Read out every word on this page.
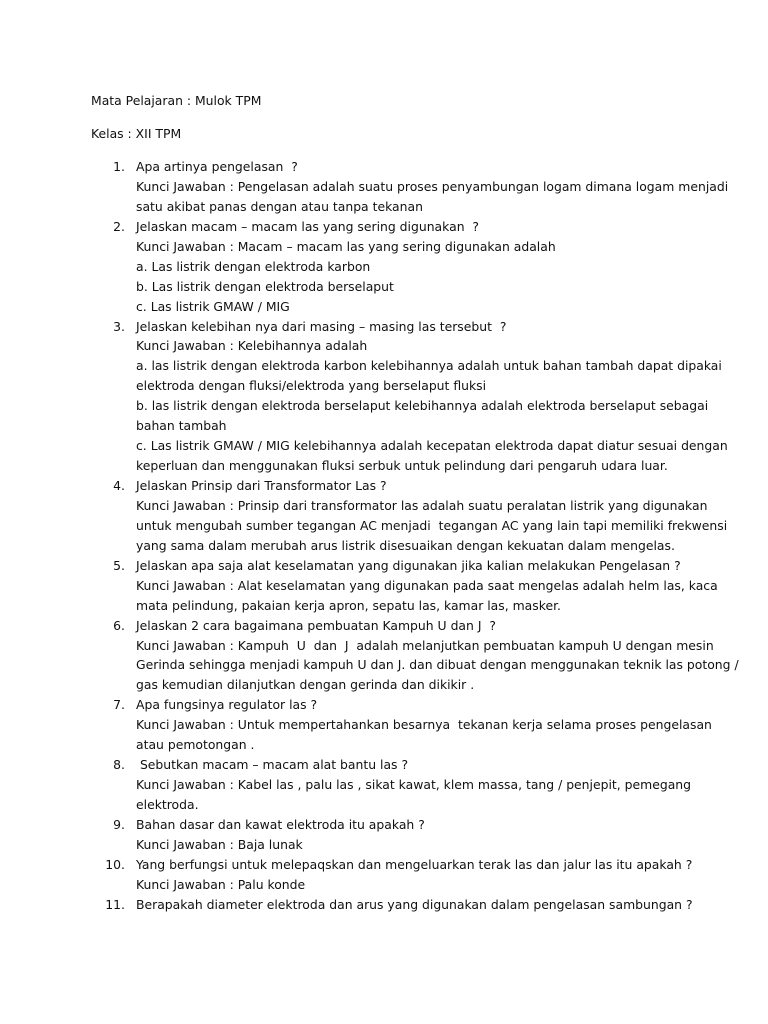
Mata Pelajaran : Mulok TPM
Kelas : XII TPM
1. Apa artinya pengelasan  ?
Kunci Jawaban : Pengelasan adalah suatu proses penyambungan logam dimana logam menjadi
satu akibat panas dengan atau tanpa tekanan
2. Jelaskan macam – macam las yang sering digunakan  ?
Kunci Jawaban : Macam – macam las yang sering digunakan adalah
a. Las listrik dengan elektroda karbon
b. Las listrik dengan elektroda berselaput
c. Las listrik GMAW / MIG
3. Jelaskan kelebihan nya dari masing – masing las tersebut  ?
Kunci Jawaban : Kelebihannya adalah
a. las listrik dengan elektroda karbon kelebihannya adalah untuk bahan tambah dapat dipakai
elektroda dengan fluksi/elektroda yang berselaput fluksi
b. las listrik dengan elektroda berselaput kelebihannya adalah elektroda berselaput sebagai
bahan tambah
c. Las listrik GMAW / MIG kelebihannya adalah kecepatan elektroda dapat diatur sesuai dengan
keperluan dan menggunakan fluksi serbuk untuk pelindung dari pengaruh udara luar.
4. Jelaskan Prinsip dari Transformator Las ?
Kunci Jawaban : Prinsip dari transformator las adalah suatu peralatan listrik yang digunakan
untuk mengubah sumber tegangan AC menjadi  tegangan AC yang lain tapi memiliki frekwensi
yang sama dalam merubah arus listrik disesuaikan dengan kekuatan dalam mengelas.
5. Jelaskan apa saja alat keselamatan yang digunakan jika kalian melakukan Pengelasan ?
Kunci Jawaban : Alat keselamatan yang digunakan pada saat mengelas adalah helm las, kaca
mata pelindung, pakaian kerja apron, sepatu las, kamar las, masker.
6. Jelaskan 2 cara bagaimana pembuatan Kampuh U dan J  ?
Kunci Jawaban : Kampuh  U  dan  J  adalah melanjutkan pembuatan kampuh U dengan mesin
Gerinda sehingga menjadi kampuh U dan J. dan dibuat dengan menggunakan teknik las potong /
gas kemudian dilanjutkan dengan gerinda dan dikikir .
7. Apa fungsinya regulator las ?
Kunci Jawaban : Untuk mempertahankan besarnya  tekanan kerja selama proses pengelasan
atau pemotongan .
8. Sebutkan macam – macam alat bantu las ?
Kunci Jawaban : Kabel las , palu las , sikat kawat, klem massa, tang / penjepit, pemegang
elektroda.
9. Bahan dasar dan kawat elektroda itu apakah ?
Kunci Jawaban : Baja lunak
10. Yang berfungsi untuk melepaqskan dan mengeluarkan terak las dan jalur las itu apakah ?
Kunci Jawaban : Palu konde
11. Berapakah diameter elektroda dan arus yang digunakan dalam pengelasan sambungan ?
